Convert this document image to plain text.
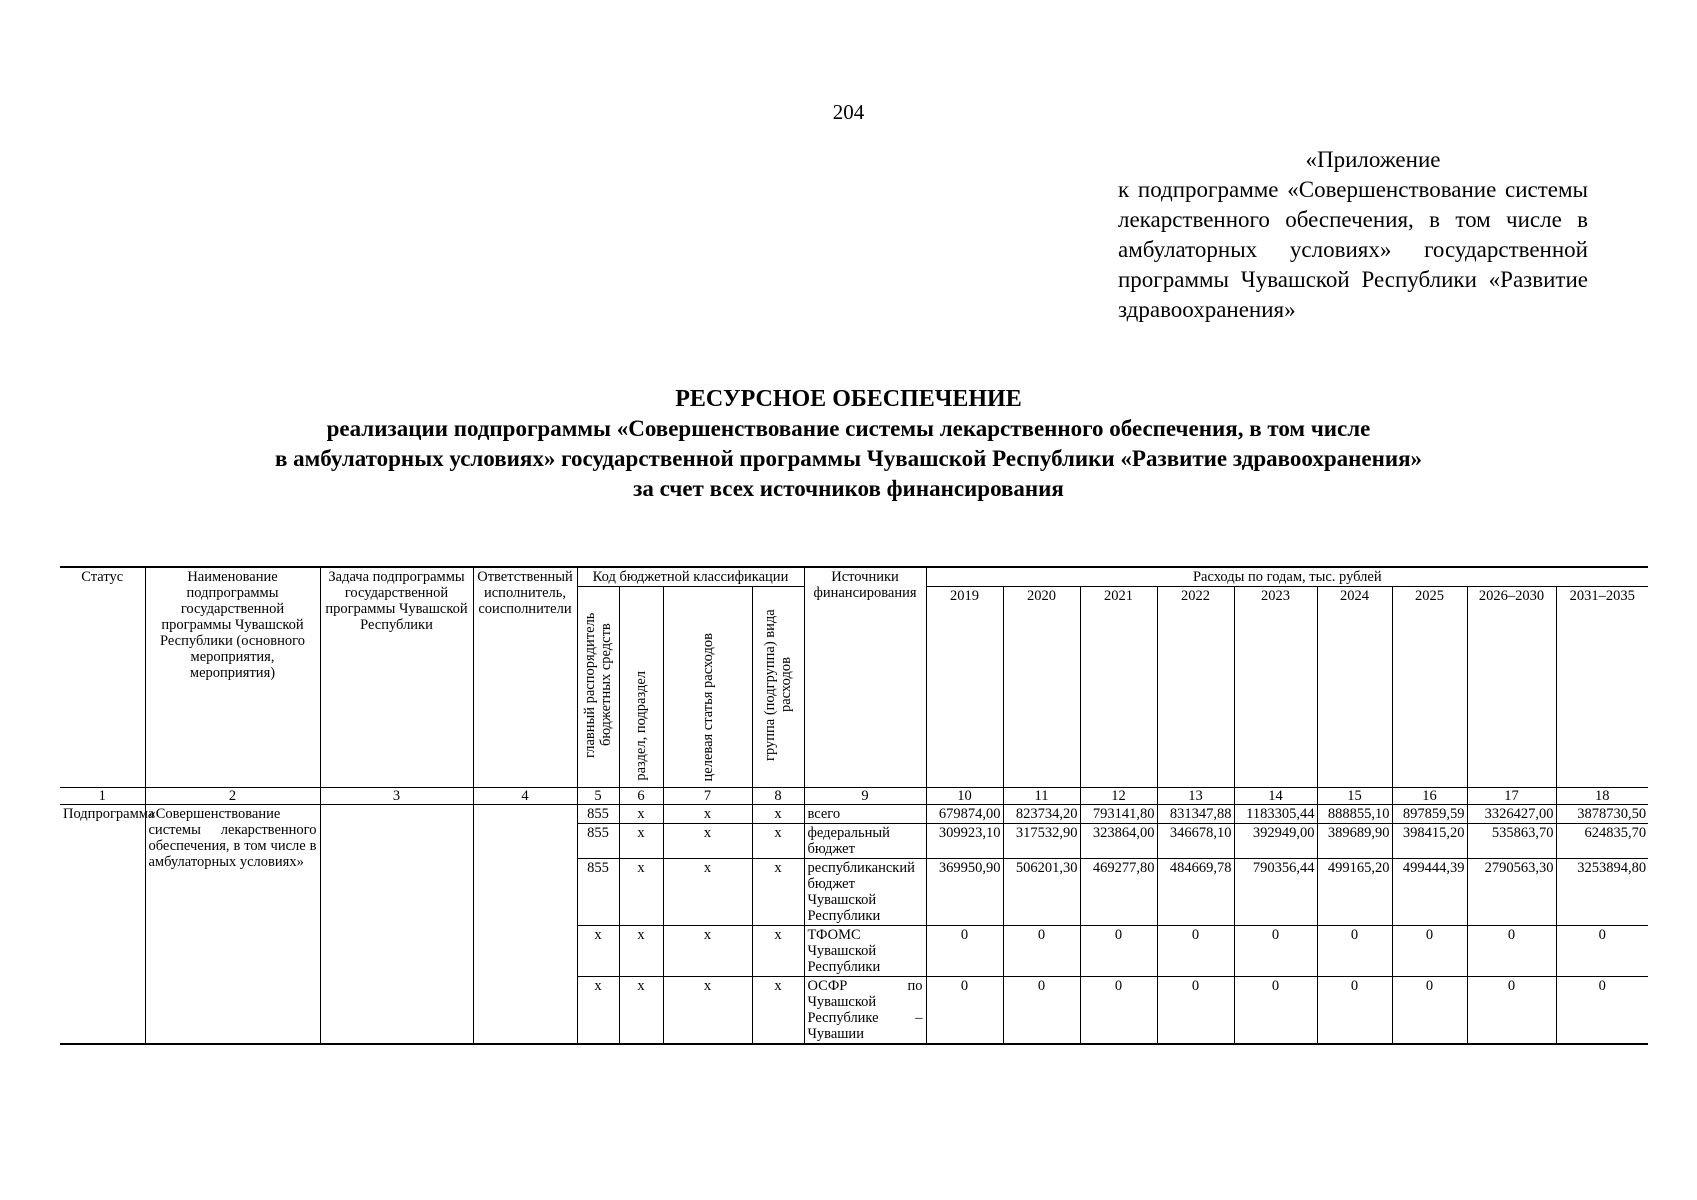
204
«Приложение
к подпрограмме «Совершенствование системы лекарственного обеспечения, в том числе в амбулаторных условиях» государственной программы Чувашской Республики «Развитие здравоохранения»
РЕСУРСНОЕ ОБЕСПЕЧЕНИЕ
реализации подпрограммы «Совершенствование системы лекарственного обеспечения, в том числе
в амбулаторных условиях» государственной программы Чувашской Республики «Развитие здравоохранения»
за счет всех источников финансирования
Статус	Наименование подпрограммы государственной программы Чувашской Республики (основного мероприятия, мероприятия)	Задача подпрограммы государственной программы Чувашской Республики	Ответственный исполнитель, соисполнители	Код бюджетной классификации				Источники финансирования	Расходы по годам, тыс. рублей								
				главный распорядитель бюджетных средств	раздел, подраздел	целевая статья расходов	группа (подгруппа) вида расходов		2019	2020	2021	2022	2023	2024	2025	2026–2030	2031–2035

1	2	3	4	5	6	7	8	9	10	11	12	13	14	15	16	17	18
Подпрограмма	«Совершенствование системы лекарственного обеспечения, в том числе в амбулаторных условиях»			855	x	x	x	всего	679874,00	823734,20	793141,80	831347,88	1183305,44	888855,10	897859,59	3326427,00	3878730,50
				855	x	x	x	федеральный бюджет	309923,10	317532,90	323864,00	346678,10	392949,00	389689,90	398415,20	535863,70	624835,70
				855	x	x	x	республиканский бюджет Чувашской Республики	369950,90	506201,30	469277,80	484669,78	790356,44	499165,20	499444,39	2790563,30	3253894,80
				x	x	x	x	ТФОМС Чувашской Республики	0	0	0	0	0	0	0	0	0
				x	x	x	x	ОСФР по Чувашской Республике – Чувашии	0	0	0	0	0	0	0	0	0
